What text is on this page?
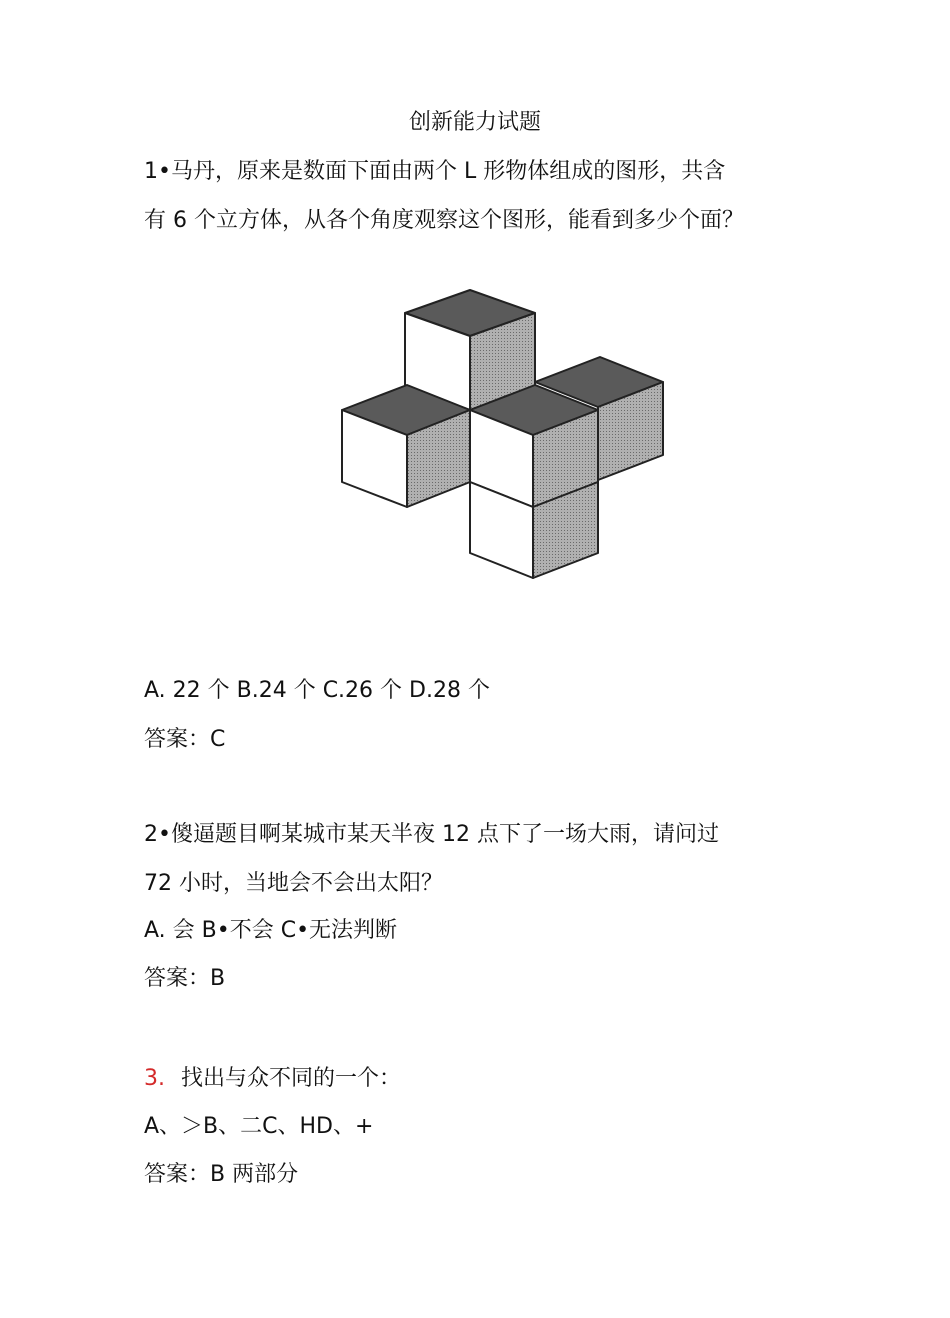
创新能力试题
1•马丹，原来是数面下面由两个 L 形物体组成的图形，共含
有 6 个立方体，从各个角度观察这个图形，能看到多少个面？
A. 22 个 B.24 个 C.26 个 D.28 个
答案：C
2•傻逼题目啊某城市某天半夜 12 点下了一场大雨，请问过
72 小时，当地会不会出太阳？
A. 会 B•不会 C•无法判断
答案：B
3. 找出与众不同的一个：
A、＞B、二C、HD、+
答案：B 两部分
